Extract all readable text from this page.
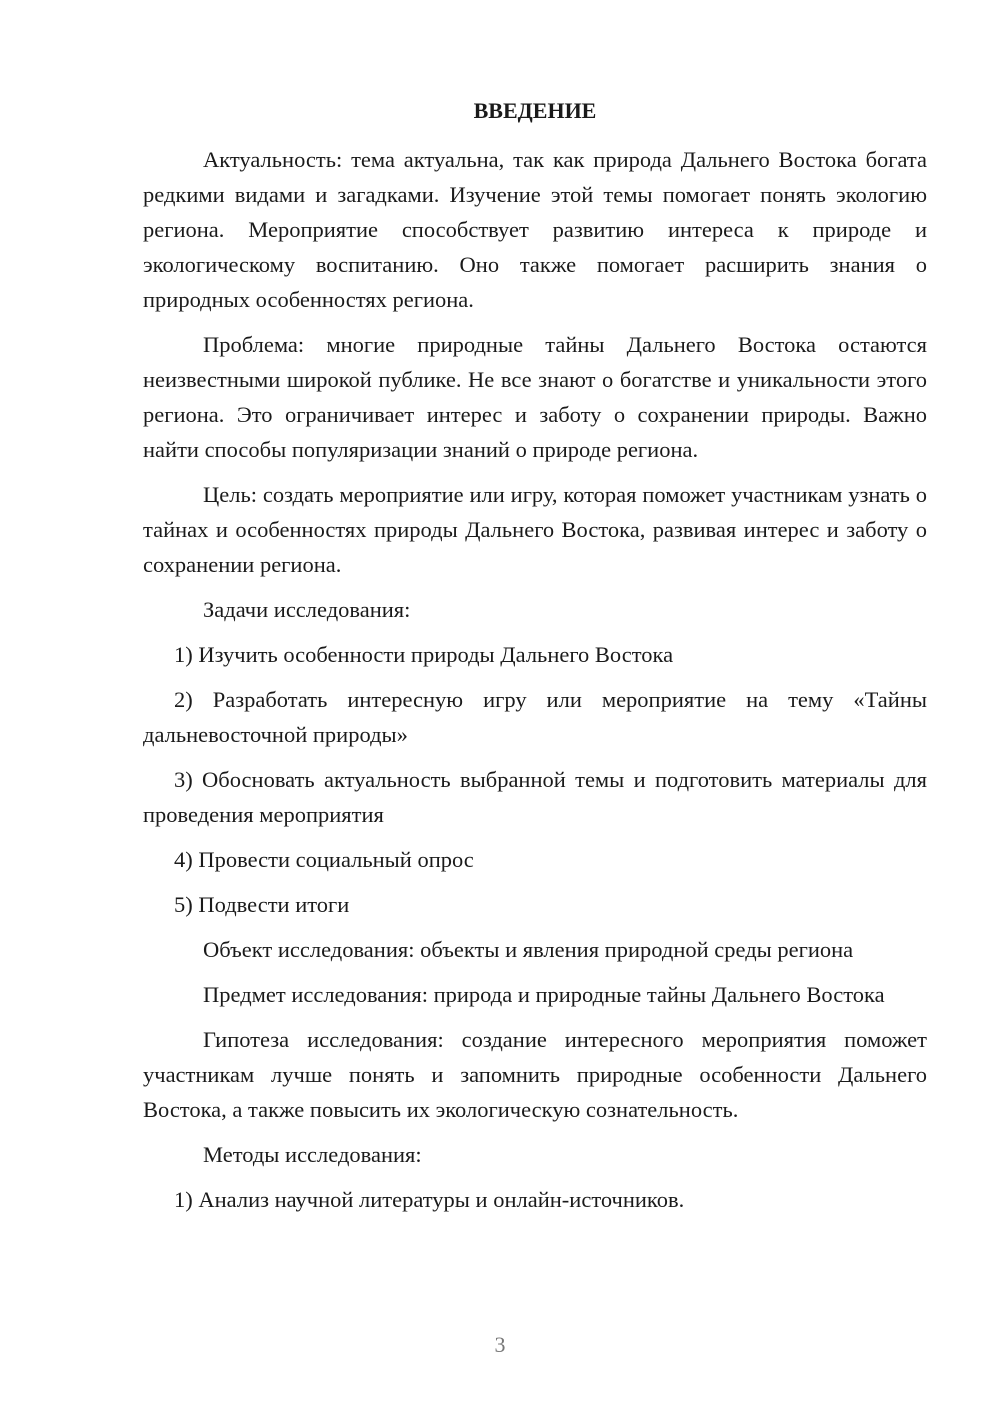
ВВЕДЕНИЕ

Актуальность: тема актуальна, так как природа Дальнего Востока богата редкими видами и загадками. Изучение этой темы помогает понять экологию региона. Мероприятие способствует развитию интереса к природе и экологическому воспитанию. Оно также помогает расширить знания о природных особенностях региона.

Проблема: многие природные тайны Дальнего Востока остаются неизвестными широкой публике. Не все знают о богатстве и уникальности этого региона. Это ограничивает интерес и заботу о сохранении природы. Важно найти способы популяризации знаний о природе региона.

Цель: создать мероприятие или игру, которая поможет участникам узнать о тайнах и особенностях природы Дальнего Востока, развивая интерес и заботу о сохранении региона.

Задачи исследования:

1) Изучить особенности природы Дальнего Востока

2) Разработать интересную игру или мероприятие на тему «Тайны дальневосточной природы»

3) Обосновать актуальность выбранной темы и подготовить материалы для проведения мероприятия

4) Провести социальный опрос

5) Подвести итоги

Объект исследования: объекты и явления природной среды региона

Предмет исследования: природа и природные тайны Дальнего Востока

Гипотеза исследования: создание интересного мероприятия поможет участникам лучше понять и запомнить природные особенности Дальнего Востока, а также повысить их экологическую сознательность.

Методы исследования:

1) Анализ научной литературы и онлайн-источников.

3
